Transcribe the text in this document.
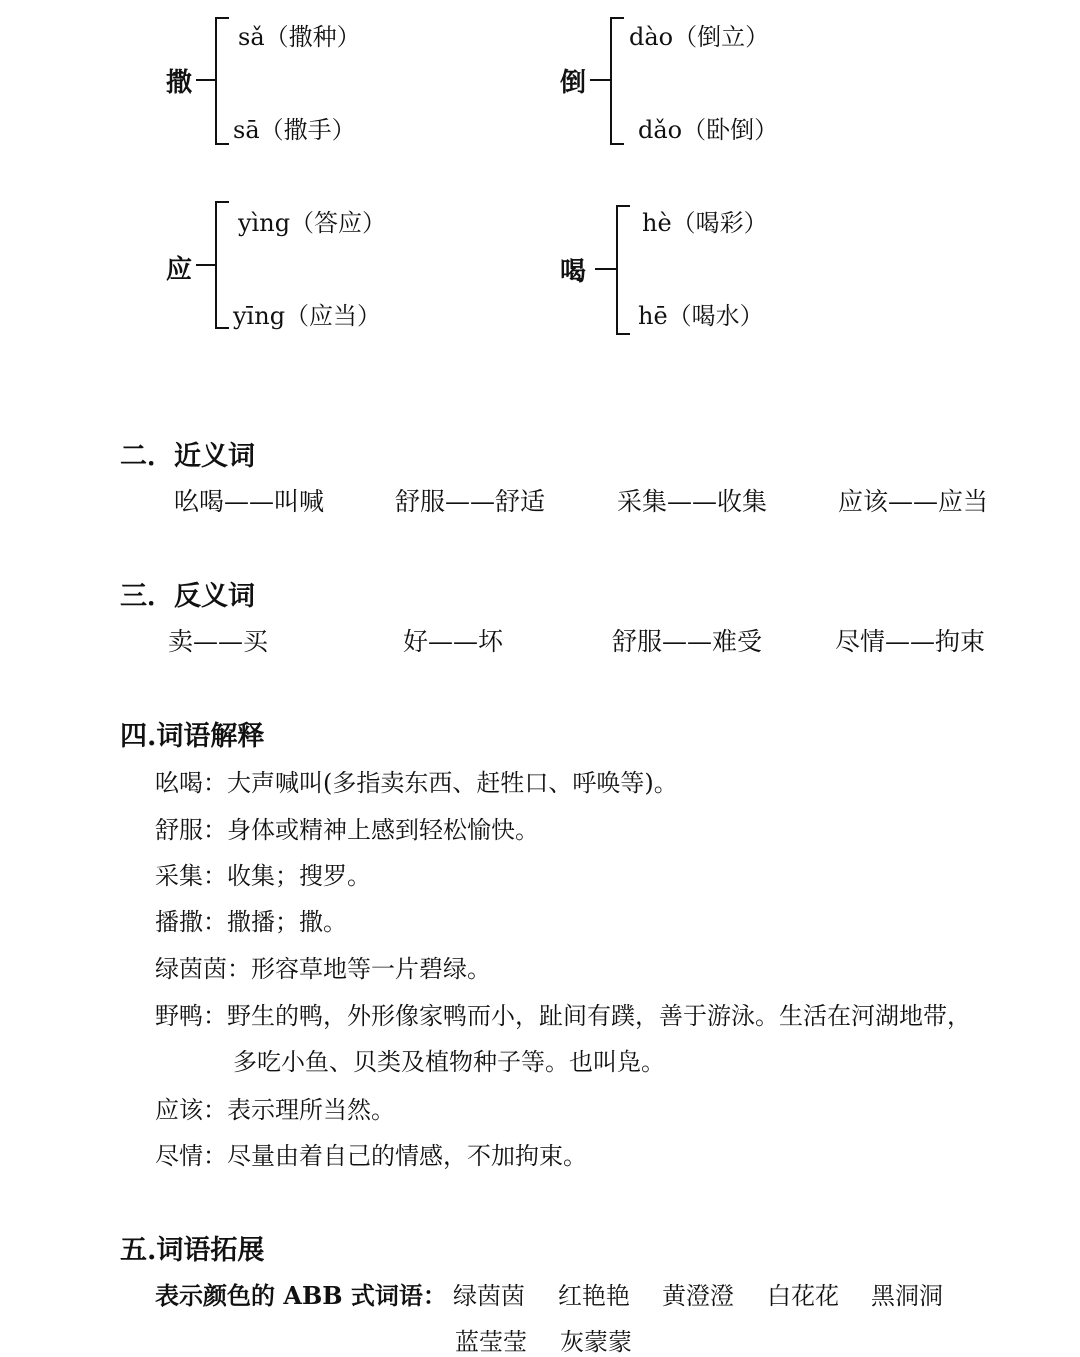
撒
sǎ（撒种）
sā（撒手）
倒
dào（倒立）
dǎo（卧倒）
应
yìng（答应）
yīng（应当）
喝
hè（喝彩）
hē（喝水）
二．近义词
吆喝——叫喊	舒服——舒适	采集——收集	应该——应当
三．反义词
卖——买	好——坏	舒服——难受	尽情——拘束
四.词语解释
吆喝：大声喊叫(多指卖东西、赶牲口、呼唤等)。
舒服：身体或精神上感到轻松愉快。
采集：收集；搜罗。
播撒：撒播；撒。
绿茵茵：形容草地等一片碧绿。
野鸭：野生的鸭，外形像家鸭而小，趾间有蹼，善于游泳。生活在河湖地带，
多吃小鱼、贝类及植物种子等。也叫凫。
应该：表示理所当然。
尽情：尽量由着自己的情感，不加拘束。
五.词语拓展
表示颜色的 ABB 式词语： 绿茵茵 红艳艳 黄澄澄 白花花 黑洞洞
蓝莹莹 灰蒙蒙
